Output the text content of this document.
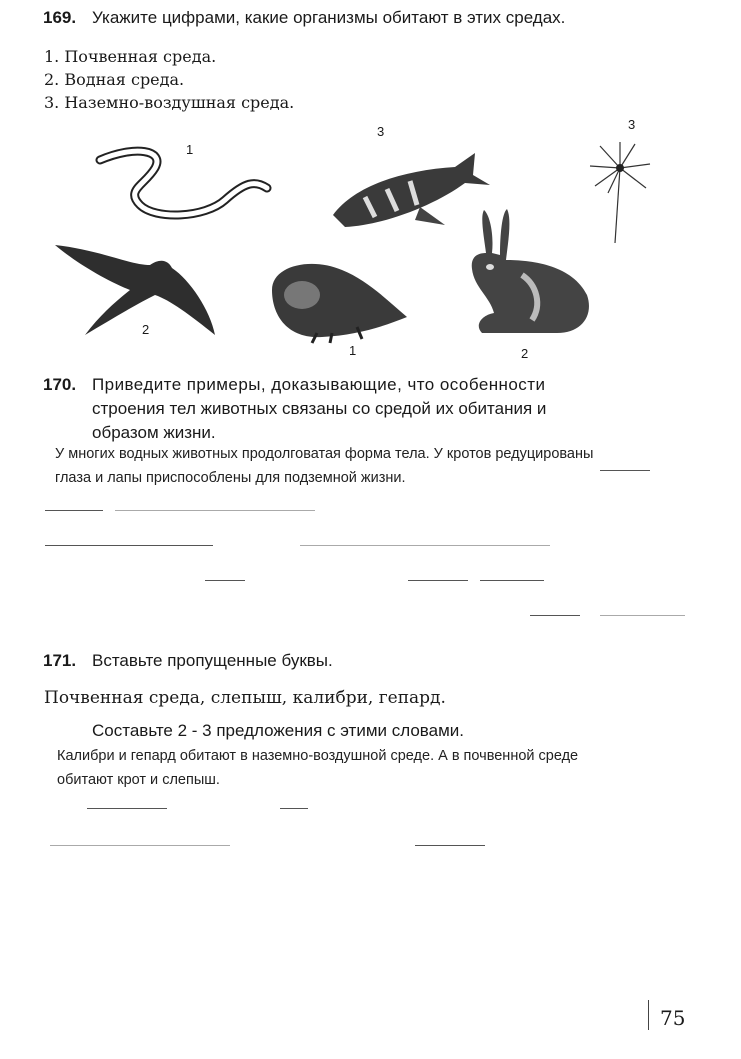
169. Укажите цифрами, какие организмы обитают в этих средах.
1. Почвенная среда.
2. Водная среда.
3. Наземно-воздушная среда.
1
3	3
2
1	2
170. Приведите примеры, доказывающие, что особенности
строения тел животных связаны со средой их обитания и
образом жизни.
У многих водных животных продолговатая форма тела. У кротов редуцированы
глаза и лапы приспособлены для подземной жизни.
171. Вставьте пропущенные буквы.
Почвенная среда, слепыш, калибри, гепард.
Составьте 2 - 3 предложения с этими словами.
Калибри и гепард обитают в наземно-воздушной среде. А в почвенной среде
обитают крот и слепыш.
75
